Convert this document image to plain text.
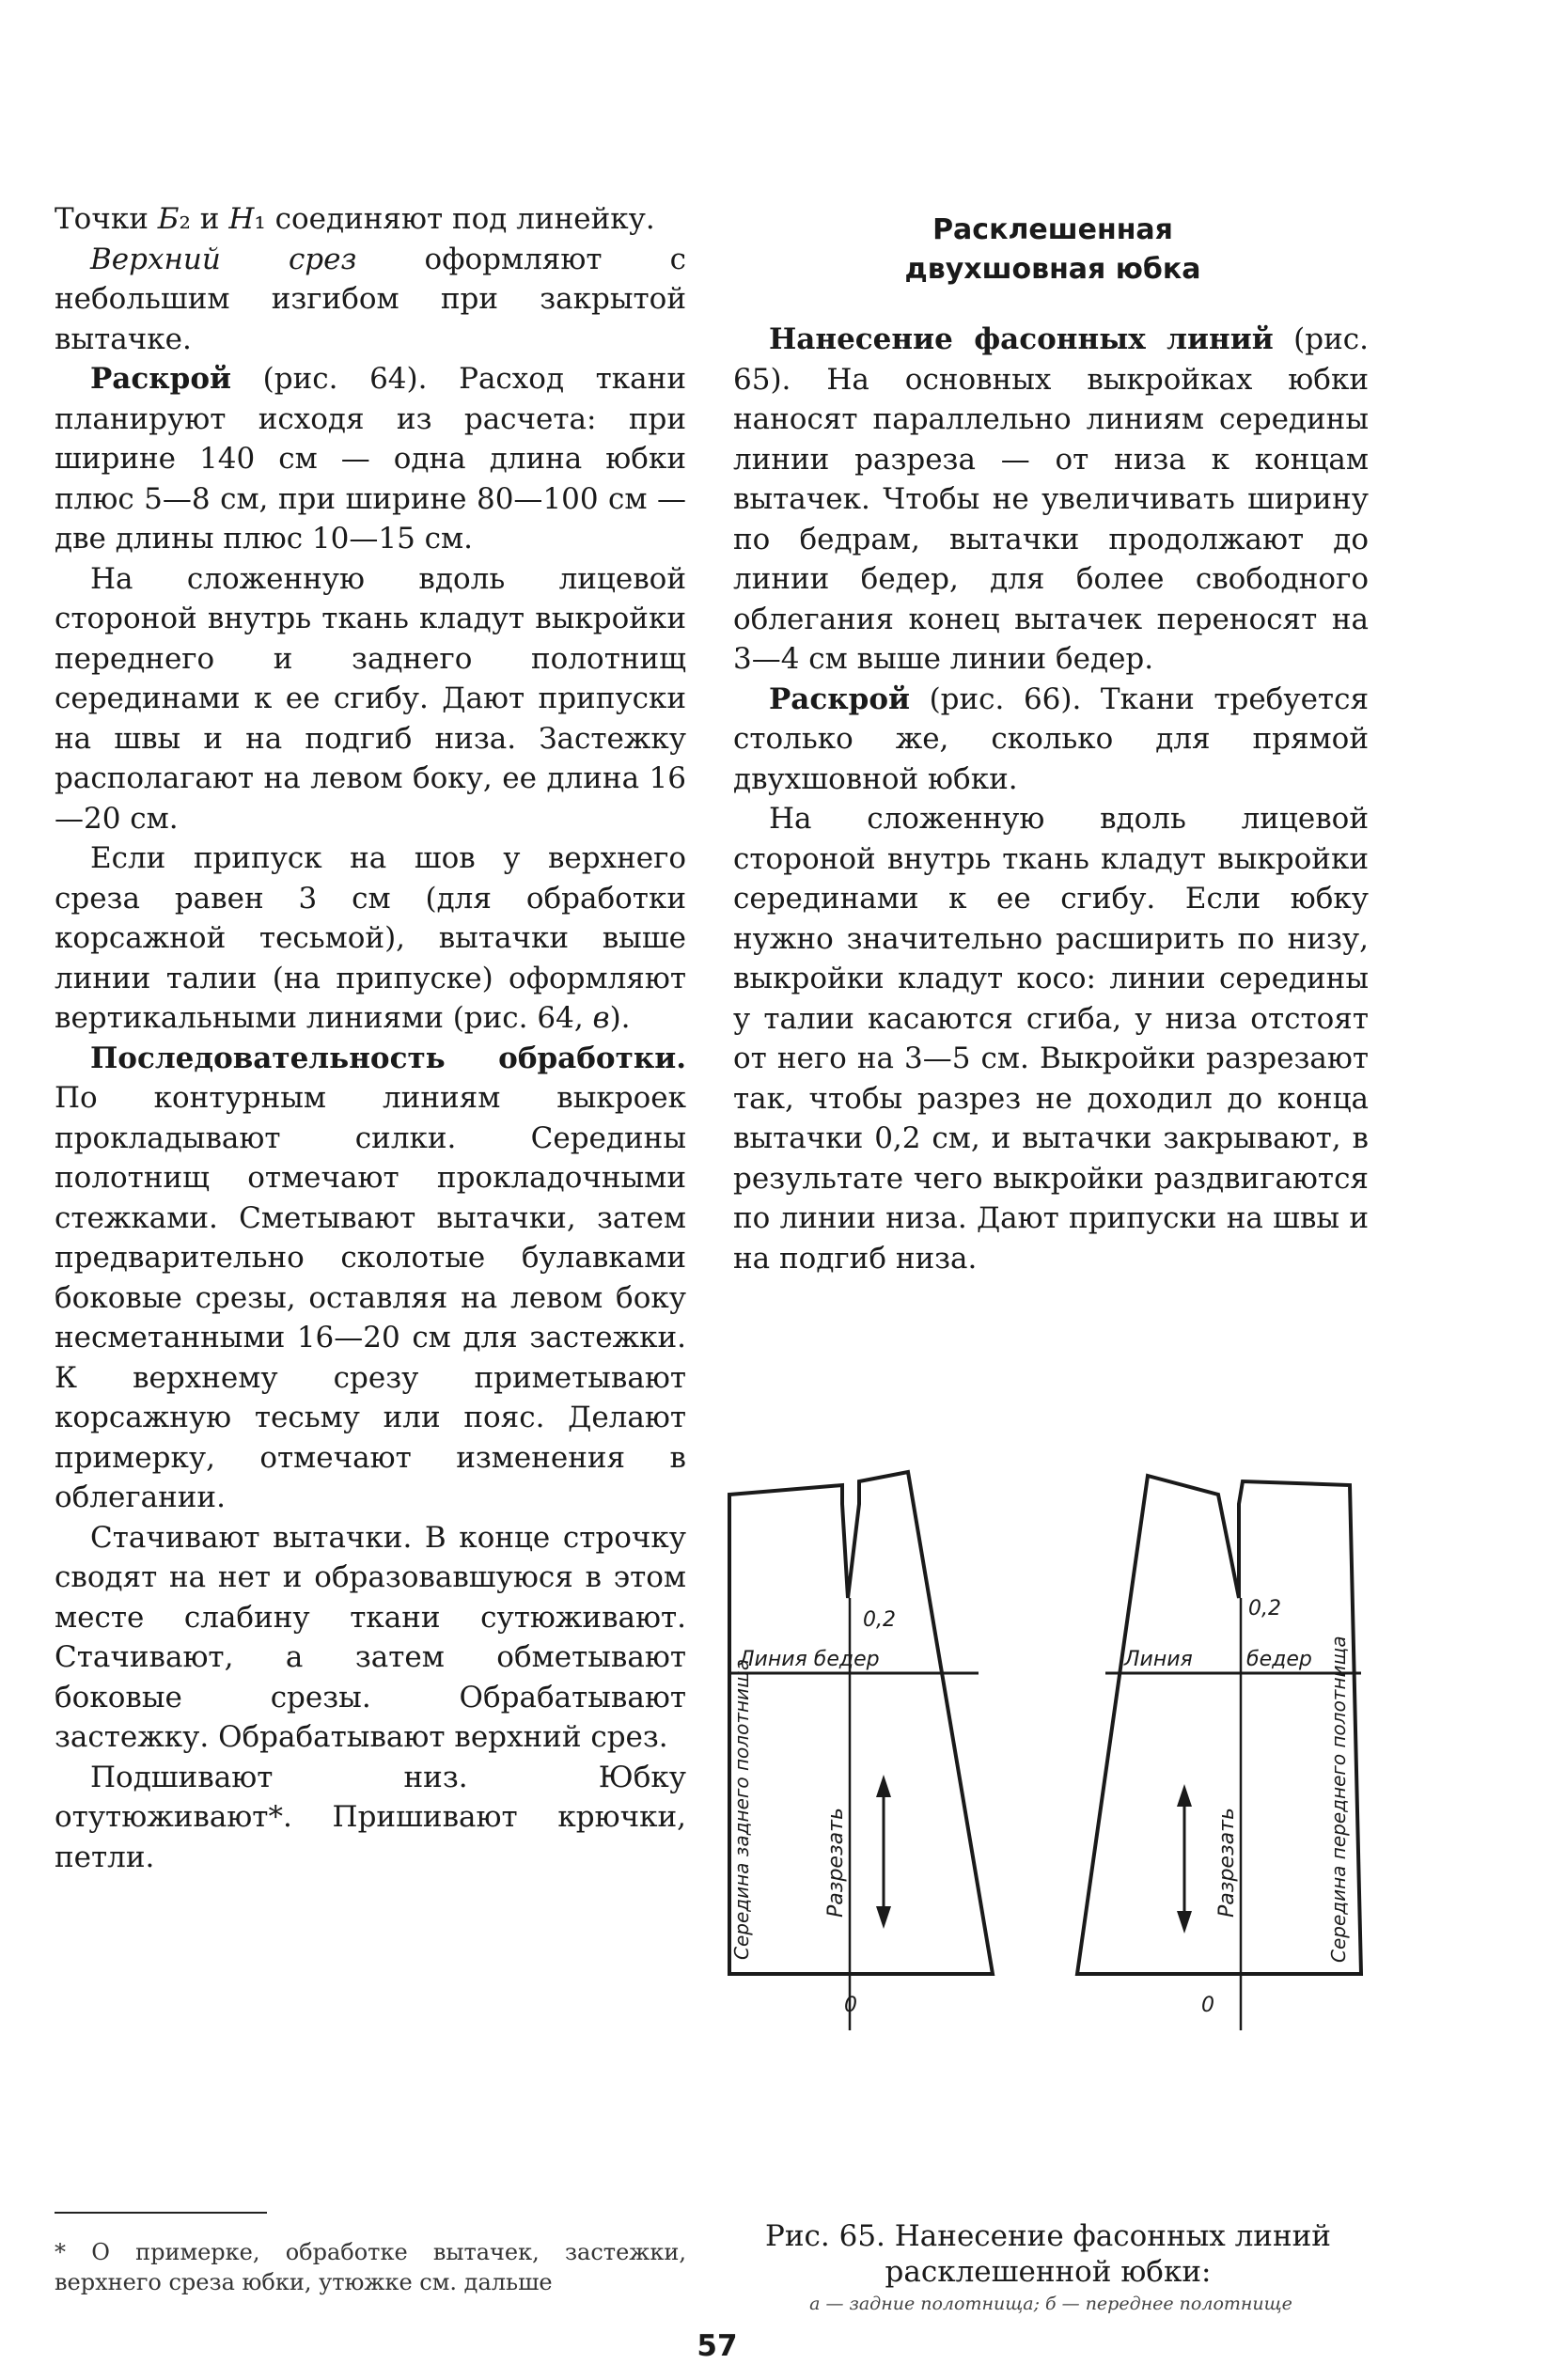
Точки Б₂ и Н₁ соединяют под линейку.

Верхний срез оформляют с небольшим изгибом при закрытой вытачке.

Раскрой (рис. 64). Расход ткани планируют исходя из расчета: при ширине 140 см — одна длина юбки плюс 5—8 см, при ширине 80—100 см — две длины плюс 10—15 см.

На сложенную вдоль лицевой стороной внутрь ткань кладут выкройки переднего и заднего полотнищ серединами к ее сгибу. Дают припуски на швы и на подгиб низа. Застежку располагают на левом боку, ее длина 16—20 см.

Если припуск на шов у верхнего среза равен 3 см (для обработки корсажной тесьмой), вытачки выше линии талии (на припуске) оформляют вертикальными линиями (рис. 64, в).

Последовательность обработки. По контурным линиям выкроек прокладывают силки. Середины полотнищ отмечают прокладочными стежками. Сметывают вытачки, затем предварительно сколотые булавками боковые срезы, оставляя на левом боку несметанными 16—20 см для застежки. К верхнему срезу приметывают корсажную тесьму или пояс. Делают примерку, отмечают изменения в облегании.

Стачивают вытачки. В конце строчку сводят на нет и образовавшуюся в этом месте слабину ткани сутюживают. Стачивают, а затем обметывают боковые срезы. Обрабатывают застежку. Обрабатывают верхний срез.

Подшивают низ. Юбку отутюживают*. Пришивают крючки, петли.

Расклешенная
двухшовная юбка

Нанесение фасонных линий (рис. 65). На основных выкройках юбки наносят параллельно линиям середины линии разреза — от низа к концам вытачек. Чтобы не увеличивать ширину по бедрам, вытачки продолжают до линии бедер, для более свободного облегания конец вытачек переносят на 3—4 см выше линии бедер.

Раскрой (рис. 66). Ткани требуется столько же, сколько для прямой двухшовной юбки.

На сложенную вдоль лицевой стороной внутрь ткань кладут выкройки серединами к ее сгибу. Если юбку нужно значительно расширить по низу, выкройки кладут косо: линии середины у талии касаются сгиба, у низа отстоят от него на 3—5 см. Выкройки разрезают так, чтобы разрез не доходил до конца вытачки 0,2 см, и вытачки закрывают, в результате чего выкройки раздвигаются по линии низа. Дают припуски на швы и на подгиб низа.

0,2
Линия бедер
Разрезать
Середина заднего полотнища
0
0,2
Линия	бедер
Разрезать	Середина переднего полотнища
0
Рис. 65. Нанесение фасонных линий
расклешенной юбки:
а — задние полотнища; б — переднее полотнище
* О примерке, обработке вытачек, застежки, верхнего среза юбки, утюжке см. дальше
57
